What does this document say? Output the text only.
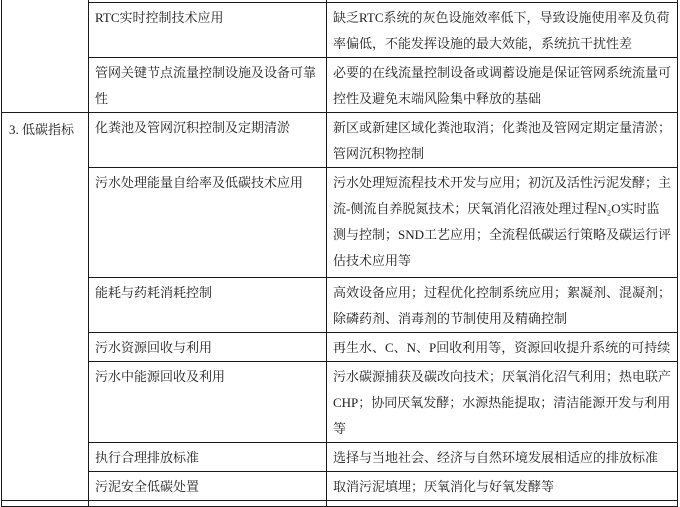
	RTC实时控制技术应用	缺乏RTC系统的灰色设施效率低下，导致设施使用率及负荷率偏低，不能发挥设施的最大效能，系统抗干扰性差
	管网关键节点流量控制设施及设备可靠性	必要的在线流量控制设备或调蓄设施是保证管网系统流量可控性及避免末端风险集中释放的基础
3. 低碳指标	化粪池及管网沉积控制及定期清淤	新区或新建区域化粪池取消；化粪池及管网定期定量清淤；管网沉积物控制
	污水处理能量自给率及低碳技术应用	污水处理短流程技术开发与应用；初沉及活性污泥发酵；主流-侧流自养脱氮技术；厌氧消化沼液处理过程N₂O实时监测与控制；SND工艺应用；全流程低碳运行策略及碳运行评估技术应用等
	能耗与药耗消耗控制	高效设备应用；过程优化控制系统应用；絮凝剂、混凝剂；除磷药剂、消毒剂的节制使用及精确控制
	污水资源回收与利用	再生水、C、N、P回收利用等，资源回收提升系统的可持续
	污水中能源回收及利用	污水碳源捕获及碳改向技术；厌氧消化沼气利用；热电联产CHP；协同厌氧发酵；水源热能提取；清洁能源开发与利用等
	执行合理排放标准	选择与当地社会、经济与自然环境发展相适应的排放标准
	污泥安全低碳处置	取消污泥填埋；厌氧消化与好氧发酵等
